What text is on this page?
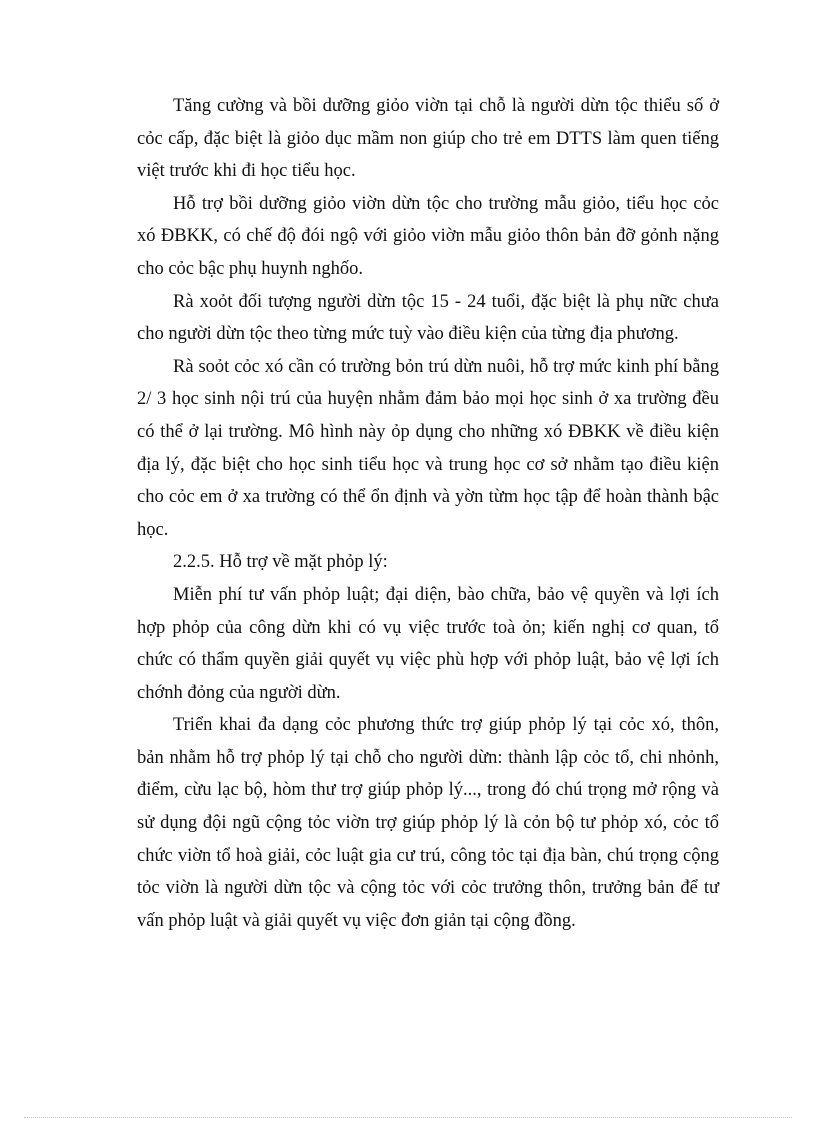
Tăng cường và bồi dưỡng giỏo viờn tại chỗ là người dừn tộc thiểu số ở cỏc cấp, đặc biệt là giỏo dục mầm non giúp cho trẻ em DTTS làm quen tiếng việt trước khi đi học tiểu học.

Hỗ trợ bồi dưỡng giỏo viờn dừn tộc cho trường mẫu giỏo, tiểu học cỏc xó ĐBKK, có chế độ đói ngộ với giỏo viờn mẫu giỏo thôn bản đỡ gỏnh nặng cho cỏc bậc phụ huynh nghốo.

Rà xoỏt đối tượng người dừn tộc 15 - 24 tuổi, đặc biệt là phụ nữc chưa cho người dừn tộc theo từng mức tuỳ vào điều kiện của từng địa phương.

Rà soỏt cỏc xó cần có trường bỏn trú dừn nuôi, hỗ trợ mức kinh phí bằng 2/ 3 học sinh nội trú của huyện nhằm đảm bảo mọi học sinh ở xa trường đều có thể ở lại trường. Mô hình này ỏp dụng cho những xó ĐBKK về điều kiện địa lý, đặc biệt cho học sinh tiểu học và trung học cơ sở nhằm tạo điều kiện cho cỏc em ở xa trường có thể ổn định và yờn từm học tập để hoàn thành bậc học.

2.2.5. Hỗ trợ về mặt phỏp lý:

Miễn phí tư vấn phỏp luật; đại diện, bào chữa, bảo vệ quyền và lợi ích hợp phỏp của công dừn khi có vụ việc trước toà ỏn; kiến nghị cơ quan, tổ chức có thẩm quyền giải quyết vụ việc phù hợp với phỏp luật, bảo vệ lợi ích chớnh đỏng của người dừn.

Triển khai đa dạng cỏc phương thức trợ giúp phỏp lý tại cỏc xó, thôn, bản nhằm hỗ trợ phỏp lý tại chỗ cho người dừn: thành lập cỏc tổ, chi nhỏnh, điểm, cừu lạc bộ, hòm thư trợ giúp phỏp lý..., trong đó chú trọng mở rộng và sử dụng đội ngũ cộng tỏc viờn trợ giúp phỏp lý là cỏn bộ tư phỏp xó, cỏc tổ chức viờn tổ hoà giải, cỏc luật gia cư trú, công tỏc tại địa bàn, chú trọng cộng tỏc viờn là người dừn tộc và cộng tỏc với cỏc trưởng thôn, trưởng bản để tư vấn phỏp luật và giải quyết vụ việc đơn giản tại cộng đồng.
